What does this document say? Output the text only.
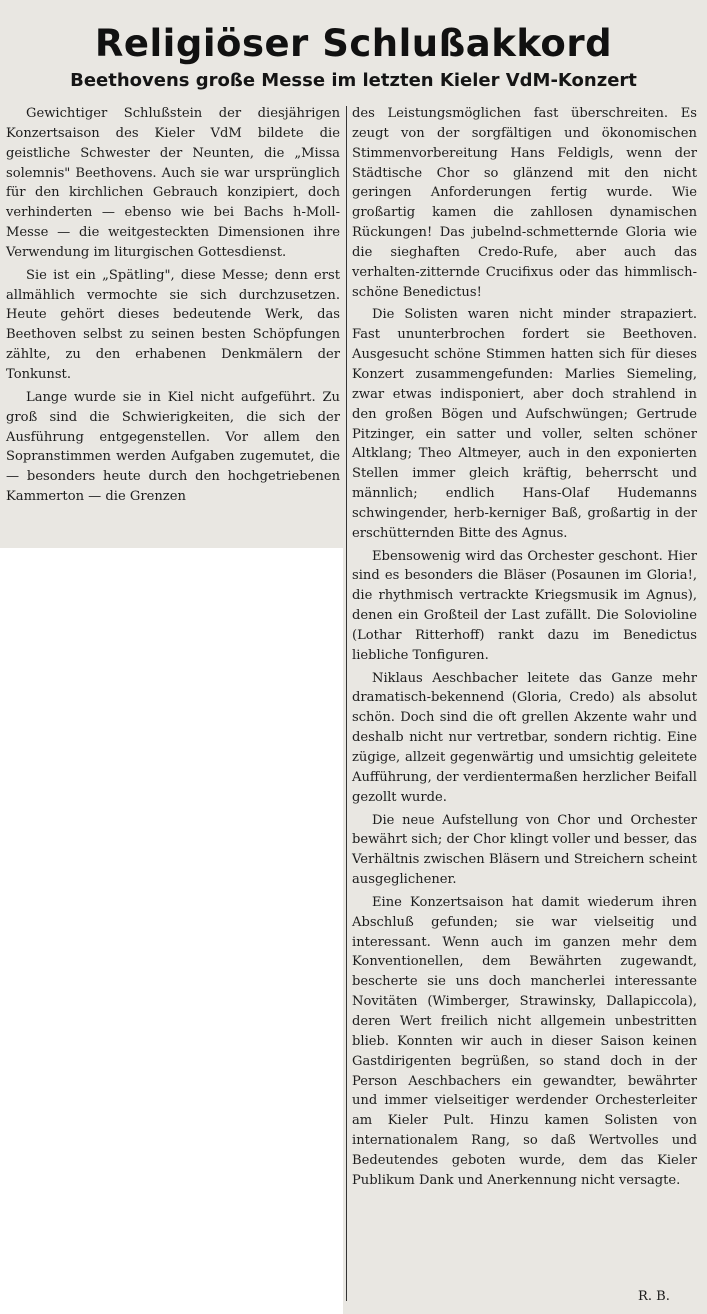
Religiöser Schlußakkord
Beethovens große Messe im letzten Kieler VdM-Konzert

Gewichtiger Schlußstein der diesjährigen Konzertsaison des Kieler VdM bildete die geistliche Schwester der Neunten, die „Missa solemnis" Beethovens. Auch sie war ursprünglich für den kirchlichen Gebrauch konzipiert, doch verhinderten — ebenso wie bei Bachs h-Moll-Messe — die weitgesteckten Dimensionen ihre Verwendung im liturgischen Gottesdienst.

Sie ist ein „Spätling", diese Messe; denn erst allmählich vermochte sie sich durchzusetzen. Heute gehört dieses bedeutende Werk, das Beethoven selbst zu seinen besten Schöpfungen zählte, zu den erhabenen Denkmälern der Tonkunst.

Lange wurde sie in Kiel nicht aufgeführt. Zu groß sind die Schwierigkeiten, die sich der Ausführung entgegenstellen. Vor allem den Sopranstimmen werden Aufgaben zugemutet, die — besonders heute durch den hochgetriebenen Kammerton — die Grenzen

des Leistungsmöglichen fast überschreiten. Es zeugt von der sorgfältigen und ökonomischen Stimmenvorbereitung Hans Feldigls, wenn der Städtische Chor so glänzend mit den nicht geringen Anforderungen fertig wurde. Wie großartig kamen die zahllosen dynamischen Rückungen! Das jubelnd-schmetternde Gloria wie die sieghaften Credo-Rufe, aber auch das verhalten-zitternde Crucifixus oder das himmlisch-schöne Benedictus!

Die Solisten waren nicht minder strapaziert. Fast ununterbrochen fordert sie Beethoven. Ausgesucht schöne Stimmen hatten sich für dieses Konzert zusammengefunden: Marlies Siemeling, zwar etwas indisponiert, aber doch strahlend in den großen Bögen und Aufschwüngen; Gertrude Pitzinger, ein satter und voller, selten schöner Altklang; Theo Altmeyer, auch in den exponierten Stellen immer gleich kräftig, beherrscht und männlich; endlich Hans-Olaf Hudemanns schwingender, herb-kerniger Baß, großartig in der erschütternden Bitte des Agnus.

Ebensowenig wird das Orchester geschont. Hier sind es besonders die Bläser (Posaunen im Gloria!, die rhythmisch vertrackte Kriegsmusik im Agnus), denen ein Großteil der Last zufällt. Die Solovioline (Lothar Ritterhoff) rankt dazu im Benedictus liebliche Tonfiguren.

Niklaus Aeschbacher leitete das Ganze mehr dramatisch-bekennend (Gloria, Credo) als absolut schön. Doch sind die oft grellen Akzente wahr und deshalb nicht nur vertretbar, sondern richtig. Eine zügige, allzeit gegenwärtig und umsichtig geleitete Aufführung, der verdientermaßen herzlicher Beifall gezollt wurde.

Die neue Aufstellung von Chor und Orchester bewährt sich; der Chor klingt voller und besser, das Verhältnis zwischen Bläsern und Streichern scheint ausgeglichener.

Eine Konzertsaison hat damit wiederum ihren Abschluß gefunden; sie war vielseitig und interessant. Wenn auch im ganzen mehr dem Konventionellen, dem Bewährten zugewandt, bescherte sie uns doch mancherlei interessante Novitäten (Wimberger, Strawinsky, Dallapiccola), deren Wert freilich nicht allgemein unbestritten blieb. Konnten wir auch in dieser Saison keinen Gastdirigenten begrüßen, so stand doch in der Person Aeschbachers ein gewandter, bewährter und immer vielseitiger werdender Orchesterleiter am Kieler Pult. Hinzu kamen Solisten von internationalem Rang, so daß Wertvolles und Bedeutendes geboten wurde, dem das Kieler Publikum Dank und Anerkennung nicht versagte.

R. B.
